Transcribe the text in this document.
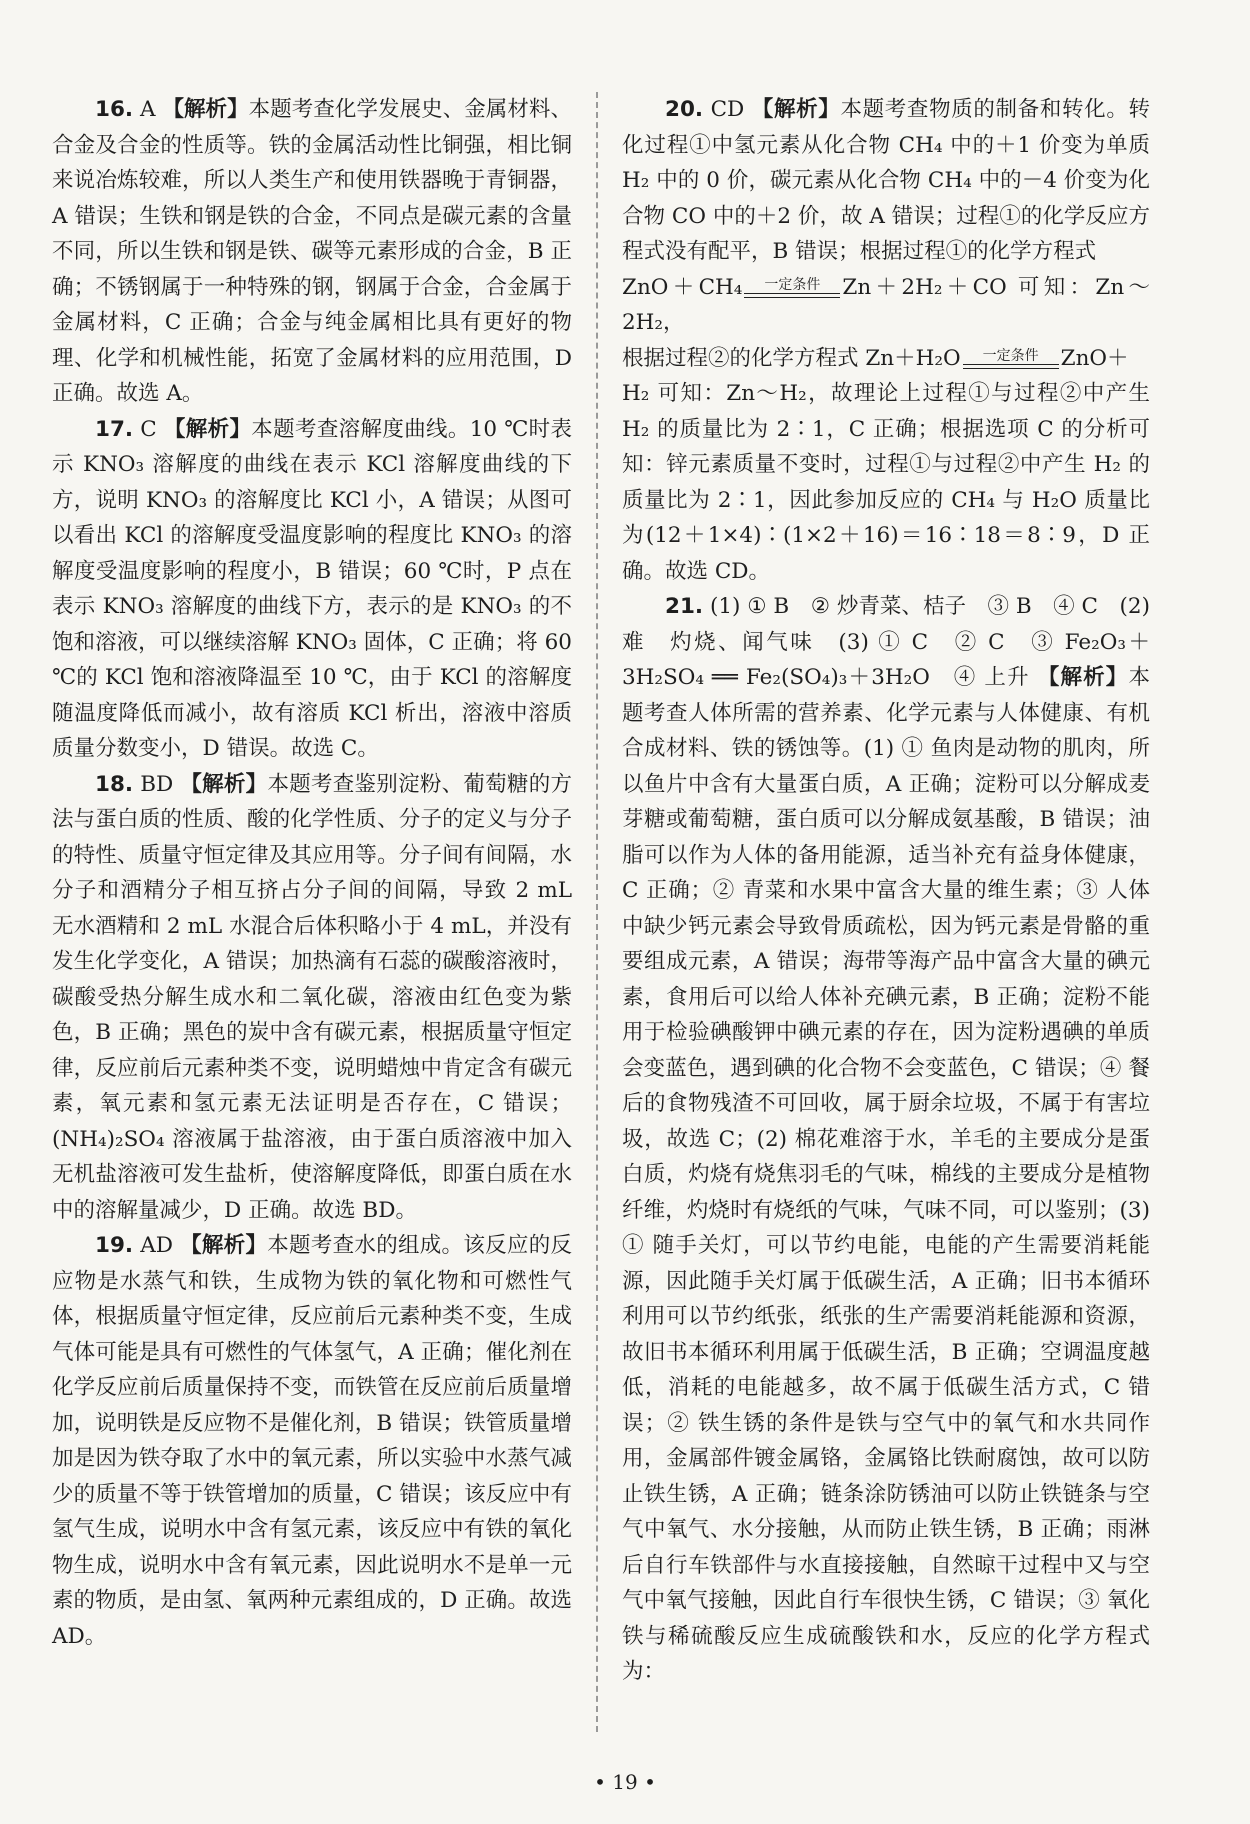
16. A 【解析】本题考查化学发展史、金属材料、合金及合金的性质等。铁的金属活动性比铜强，相比铜来说冶炼较难，所以人类生产和使用铁器晚于青铜器，A 错误；生铁和钢是铁的合金，不同点是碳元素的含量不同，所以生铁和钢是铁、碳等元素形成的合金，B 正确；不锈钢属于一种特殊的钢，钢属于合金，合金属于金属材料，C 正确；合金与纯金属相比具有更好的物理、化学和机械性能，拓宽了金属材料的应用范围，D 正确。故选 A。

17. C 【解析】本题考查溶解度曲线。10 ℃时表示 KNO₃ 溶解度的曲线在表示 KCl 溶解度曲线的下方，说明 KNO₃ 的溶解度比 KCl 小，A 错误；从图可以看出 KCl 的溶解度受温度影响的程度比 KNO₃ 的溶解度受温度影响的程度小，B 错误；60 ℃时，P 点在表示 KNO₃ 溶解度的曲线下方，表示的是 KNO₃ 的不饱和溶液，可以继续溶解 KNO₃ 固体，C 正确；将 60 ℃的 KCl 饱和溶液降温至 10 ℃，由于 KCl 的溶解度随温度降低而减小，故有溶质 KCl 析出，溶液中溶质质量分数变小，D 错误。故选 C。

18. BD 【解析】本题考查鉴别淀粉、葡萄糖的方法与蛋白质的性质、酸的化学性质、分子的定义与分子的特性、质量守恒定律及其应用等。分子间有间隔，水分子和酒精分子相互挤占分子间的间隔，导致 2 mL 无水酒精和 2 mL 水混合后体积略小于 4 mL，并没有发生化学变化，A 错误；加热滴有石蕊的碳酸溶液时，碳酸受热分解生成水和二氧化碳，溶液由红色变为紫色，B 正确；黑色的炭中含有碳元素，根据质量守恒定律，反应前后元素种类不变，说明蜡烛中肯定含有碳元素，氧元素和氢元素无法证明是否存在，C 错误；(NH₄)₂SO₄ 溶液属于盐溶液，由于蛋白质溶液中加入无机盐溶液可发生盐析，使溶解度降低，即蛋白质在水中的溶解量减少，D 正确。故选 BD。

19. AD 【解析】本题考查水的组成。该反应的反应物是水蒸气和铁，生成物为铁的氧化物和可燃性气体，根据质量守恒定律，反应前后元素种类不变，生成气体可能是具有可燃性的气体氢气，A 正确；催化剂在化学反应前后质量保持不变，而铁管在反应前后质量增加，说明铁是反应物不是催化剂，B 错误；铁管质量增加是因为铁夺取了水中的氧元素，所以实验中水蒸气减少的质量不等于铁管增加的质量，C 错误；该反应中有氢气生成，说明水中含有氢元素，该反应中有铁的氧化物生成，说明水中含有氧元素，因此说明水不是单一元素的物质，是由氢、氧两种元素组成的，D 正确。故选 AD。

20. CD 【解析】本题考查物质的制备和转化。转化过程①中氢元素从化合物 CH₄ 中的＋1 价变为单质 H₂ 中的 0 价，碳元素从化合物 CH₄ 中的－4 价变为化合物 CO 中的＋2 价，故 A 错误；过程①的化学反应方程式没有配平，B 错误；根据过程①的化学方程式

ZnO＋CH₄	一定条件	Zn＋2H₂＋CO 可知：Zn～2H₂，

根据过程②的化学方程式 Zn＋H₂O	一定条件	ZnO＋

H₂ 可知：Zn～H₂，故理论上过程①与过程②中产生 H₂ 的质量比为 2∶1，C 正确；根据选项 C 的分析可知：锌元素质量不变时，过程①与过程②中产生 H₂ 的质量比为 2∶1，因此参加反应的 CH₄ 与 H₂O 质量比为(12＋1×4)∶(1×2＋16)＝16∶18＝8∶9，D 正确。故选 CD。

21. (1) ① B　② 炒青菜、桔子　③ B　④ C　(2) 难　灼烧、闻气味　(3) ① C　② C　③ Fe₂O₃＋3H₂SO₄ ══ Fe₂(SO₄)₃＋3H₂O　④ 上升 【解析】本题考查人体所需的营养素、化学元素与人体健康、有机合成材料、铁的锈蚀等。(1) ① 鱼肉是动物的肌肉，所以鱼片中含有大量蛋白质，A 正确；淀粉可以分解成麦芽糖或葡萄糖，蛋白质可以分解成氨基酸，B 错误；油脂可以作为人体的备用能源，适当补充有益身体健康，C 正确；② 青菜和水果中富含大量的维生素；③ 人体中缺少钙元素会导致骨质疏松，因为钙元素是骨骼的重要组成元素，A 错误；海带等海产品中富含大量的碘元素，食用后可以给人体补充碘元素，B 正确；淀粉不能用于检验碘酸钾中碘元素的存在，因为淀粉遇碘的单质会变蓝色，遇到碘的化合物不会变蓝色，C 错误；④ 餐后的食物残渣不可回收，属于厨余垃圾，不属于有害垃圾，故选 C；(2) 棉花难溶于水，羊毛的主要成分是蛋白质，灼烧有烧焦羽毛的气味，棉线的主要成分是植物纤维，灼烧时有烧纸的气味，气味不同，可以鉴别；(3) ① 随手关灯，可以节约电能，电能的产生需要消耗能源，因此随手关灯属于低碳生活，A 正确；旧书本循环利用可以节约纸张，纸张的生产需要消耗能源和资源，故旧书本循环利用属于低碳生活，B 正确；空调温度越低，消耗的电能越多，故不属于低碳生活方式，C 错误；② 铁生锈的条件是铁与空气中的氧气和水共同作用，金属部件镀金属铬，金属铬比铁耐腐蚀，故可以防止铁生锈，A 正确；链条涂防锈油可以防止铁链条与空气中氧气、水分接触，从而防止铁生锈，B 正确；雨淋后自行车铁部件与水直接接触，自然晾干过程中又与空气中氧气接触，因此自行车很快生锈，C 错误；③ 氧化铁与稀硫酸反应生成硫酸铁和水，反应的化学方程式为：

• 19 •
